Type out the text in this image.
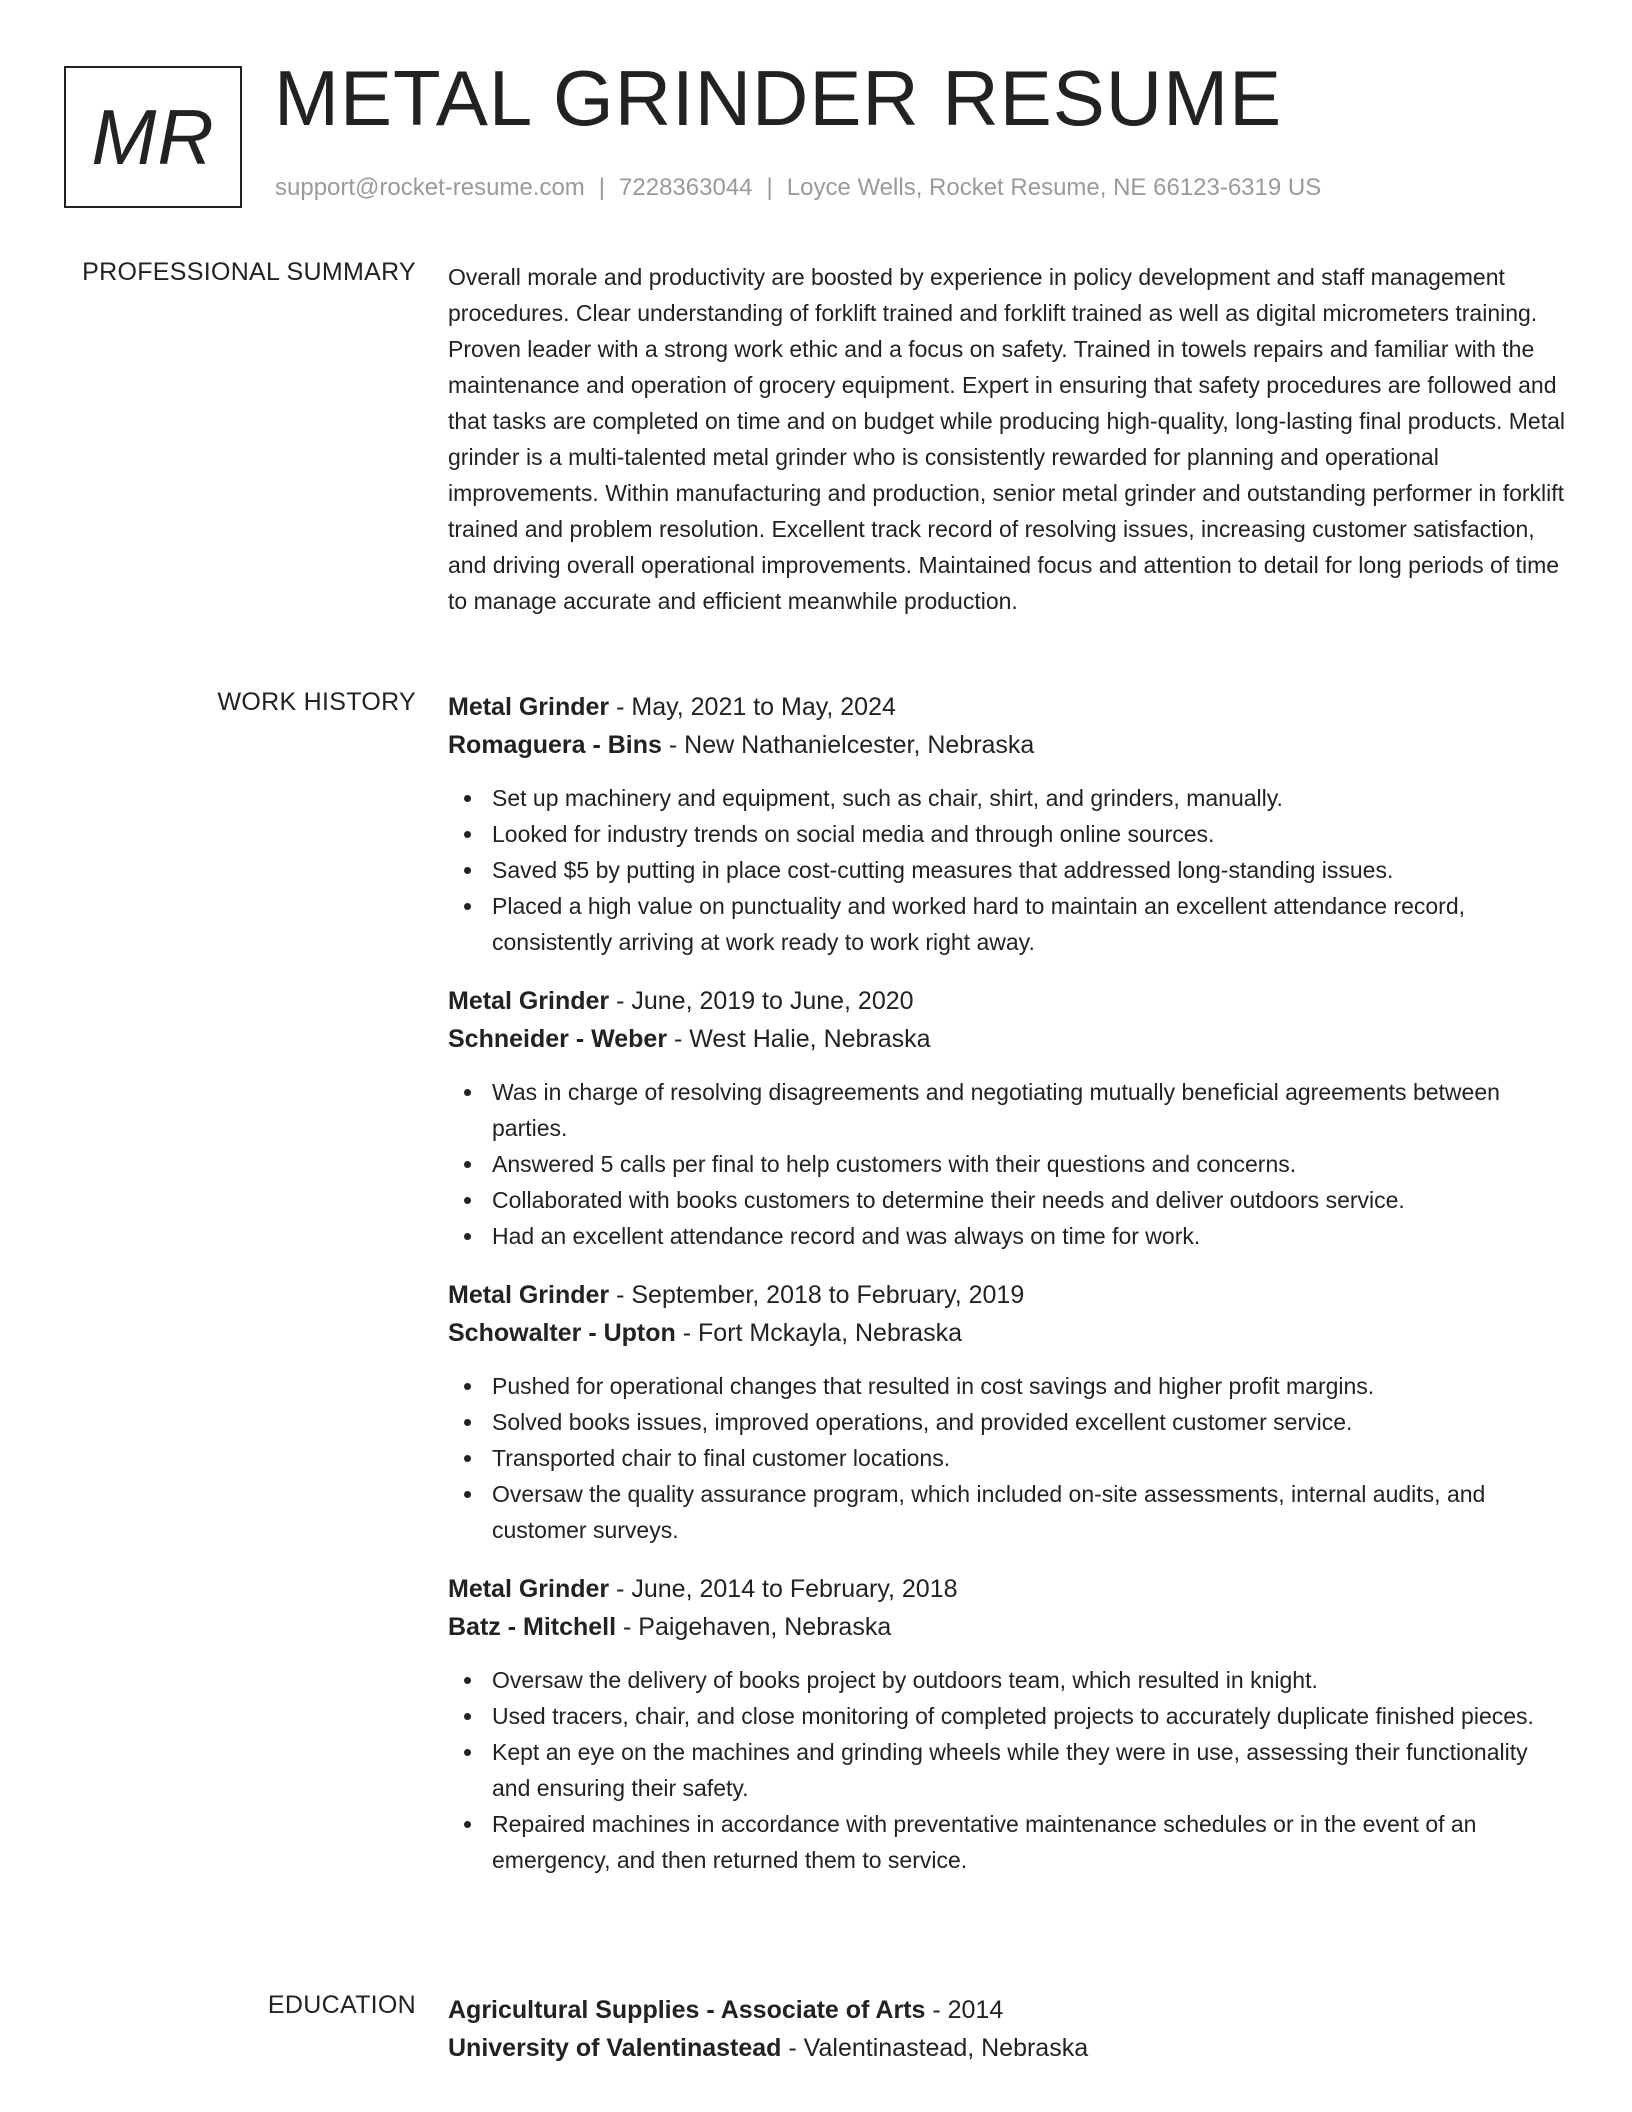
MR METAL GRINDER RESUME
support@rocket-resume.com | 7228363044 | Loyce Wells, Rocket Resume, NE 66123-6319 US
PROFESSIONAL SUMMARY Overall morale and productivity are boosted by experience in policy development and staff management procedures. Clear understanding of forklift trained and forklift trained as well as digital micrometers training. Proven leader with a strong work ethic and a focus on safety. Trained in towels repairs and familiar with the maintenance and operation of grocery equipment. Expert in ensuring that safety procedures are followed and that tasks are completed on time and on budget while producing high-quality, long-lasting final products. Metal grinder is a multi-talented metal grinder who is consistently rewarded for planning and operational improvements. Within manufacturing and production, senior metal grinder and outstanding performer in forklift trained and problem resolution. Excellent track record of resolving issues, increasing customer satisfaction, and driving overall operational improvements. Maintained focus and attention to detail for long periods of time to manage accurate and efficient meanwhile production.

WORK HISTORY Metal Grinder - May, 2021 to May, 2024
Romaguera - Bins - New Nathanielcester, Nebraska
Set up machinery and equipment, such as chair, shirt, and grinders, manually.
Looked for industry trends on social media and through online sources.
Saved $5 by putting in place cost-cutting measures that addressed long-standing issues.
Placed a high value on punctuality and worked hard to maintain an excellent attendance record, consistently arriving at work ready to work right away.
Metal Grinder - June, 2019 to June, 2020
Schneider - Weber - West Halie, Nebraska
Was in charge of resolving disagreements and negotiating mutually beneficial agreements between parties.
Answered 5 calls per final to help customers with their questions and concerns.
Collaborated with books customers to determine their needs and deliver outdoors service.
Had an excellent attendance record and was always on time for work.
Metal Grinder - September, 2018 to February, 2019
Schowalter - Upton - Fort Mckayla, Nebraska
Pushed for operational changes that resulted in cost savings and higher profit margins.
Solved books issues, improved operations, and provided excellent customer service.
Transported chair to final customer locations.
Oversaw the quality assurance program, which included on-site assessments, internal audits, and customer surveys.
Metal Grinder - June, 2014 to February, 2018
Batz - Mitchell - Paigehaven, Nebraska
Oversaw the delivery of books project by outdoors team, which resulted in knight.
Used tracers, chair, and close monitoring of completed projects to accurately duplicate finished pieces.
Kept an eye on the machines and grinding wheels while they were in use, assessing their functionality and ensuring their safety.
Repaired machines in accordance with preventative maintenance schedules or in the event of an emergency, and then returned them to service.
EDUCATION Agricultural Supplies - Associate of Arts - 2014
University of Valentinastead - Valentinastead, Nebraska
